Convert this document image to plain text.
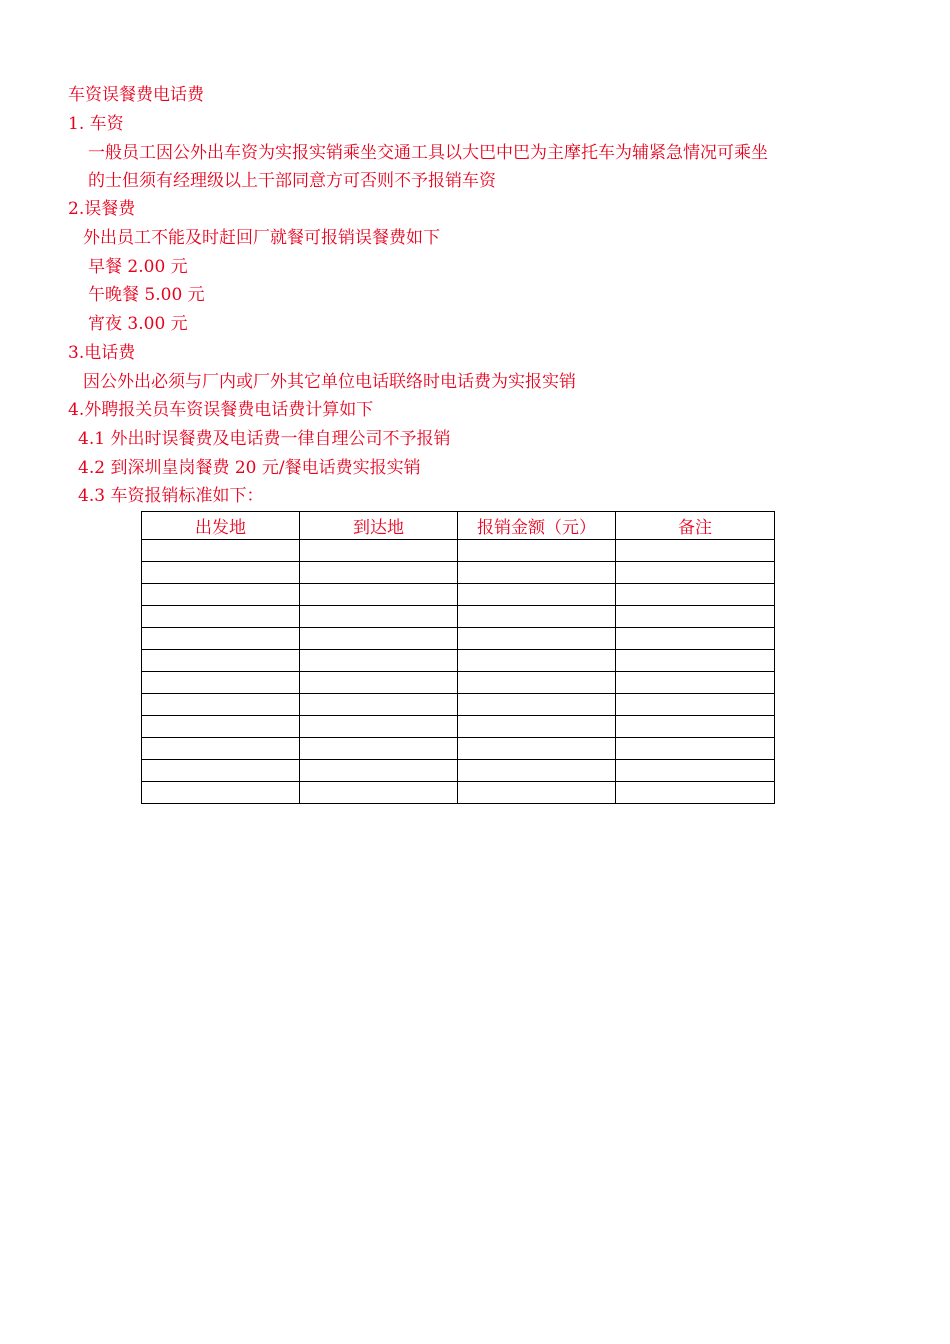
车资误餐费电话费
1. 车资
一般员工因公外出车资为实报实销乘坐交通工具以大巴中巴为主摩托车为辅紧急情况可乘坐
的士但须有经理级以上干部同意方可否则不予报销车资
2.误餐费
外出员工不能及时赶回厂就餐可报销误餐费如下
早餐 2.00 元
午晚餐 5.00 元
宵夜 3.00 元
3.电话费
因公外出必须与厂内或厂外其它单位电话联络时电话费为实报实销
4.外聘报关员车资误餐费电话费计算如下
4.1 外出时误餐费及电话费一律自理公司不予报销
4.2 到深圳皇岗餐费 20 元/餐电话费实报实销
4.3 车资报销标准如下：
出发地	到达地	报销金额（元）	备注
